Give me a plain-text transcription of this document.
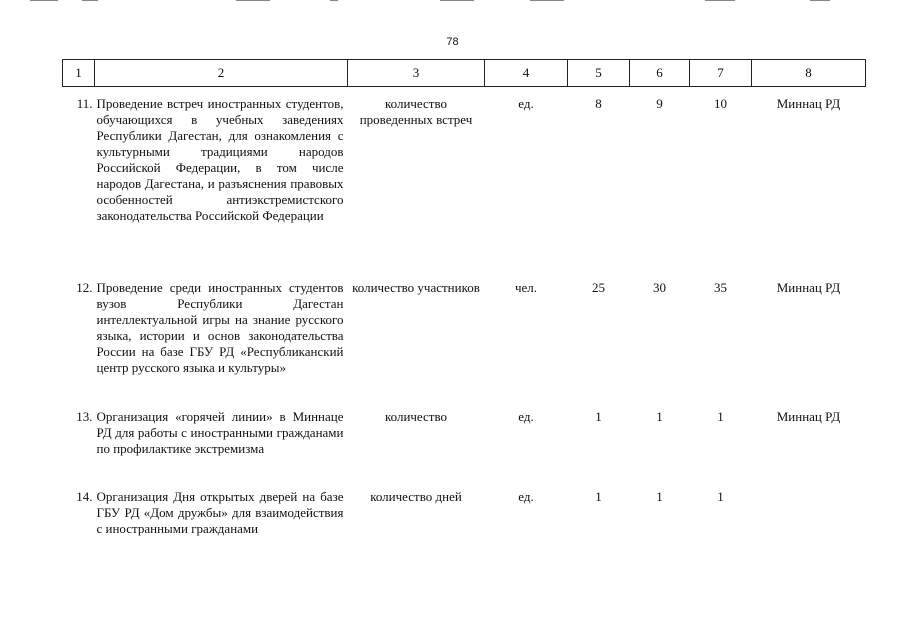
78
1	2	3	4	5	6	7	8
11.	Проведение встреч иностранных студентов, обучающихся в учебных заведениях Республики Дагестан, для ознакомления с культурными традициями народов Российской Федерации, в том числе народов Дагестана, и разъяснения правовых особенностей антиэкстремистского законодательства Российской Федерации	количество проведенных встреч	ед.	8	9	10	Миннац РД
12.	Проведение среди иностранных студентов вузов Республики Дагестан интеллектуальной игры на знание русского языка, истории и основ законодательства России на базе ГБУ РД «Республиканский центр русского языка и культуры»	количество участников	чел.	25	30	35	Миннац РД
13.	Организация «горячей линии» в Миннаце РД для работы с иностранными гражданами по профилактике экстремизма	количество	ед.	1	1	1	Миннац РД
14.	Организация Дня открытых дверей на базе ГБУ РД «Дом дружбы» для взаимодействия с иностранными гражданами	количество дней	ед.	1	1	1	
